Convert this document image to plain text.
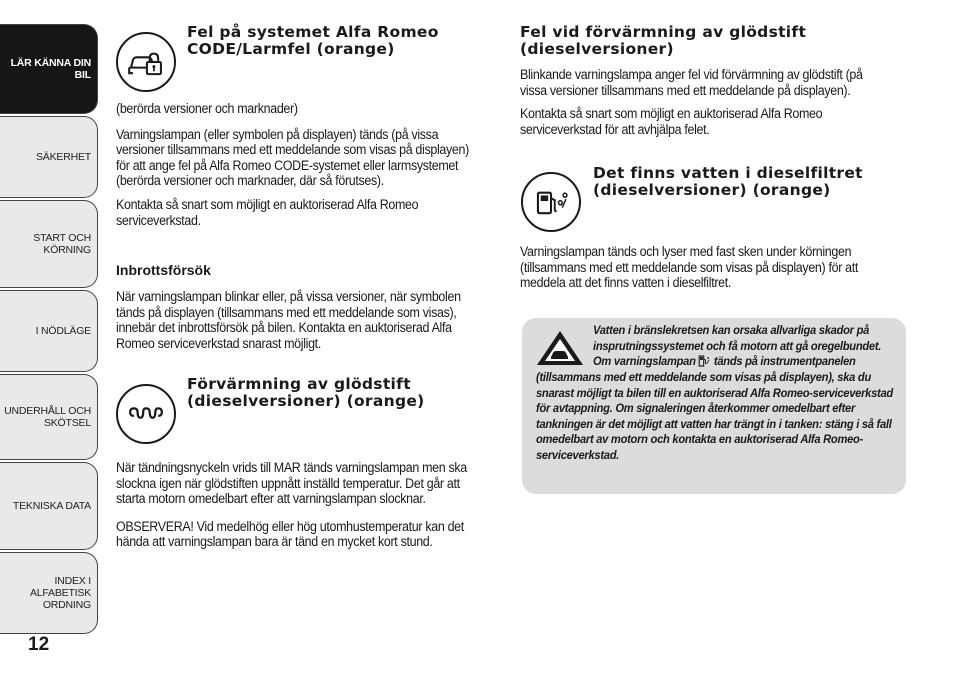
LÄR KÄNNA DIN
BIL
SÄKERHET
START OCH
KÖRNING
I NÖDLÄGE
UNDERHÅLL OCH
SKÖTSEL
TEKNISKA DATA
INDEX I ALFABETISK
ORDNING
12
Fel på systemet Alfa Romeo
CODE/Larmfel (orange)

(berörda versioner och marknader)

Varningslampan (eller symbolen på displayen) tänds (på vissa versioner tillsammans med ett meddelande som visas på displayen) för att ange fel på Alfa Romeo CODE-systemet eller larmsystemet (berörda versioner och marknader, där så förutses).

Kontakta så snart som möjligt en auktoriserad Alfa Romeo serviceverkstad.

Inbrottsförsök

När varningslampan blinkar eller, på vissa versioner, när symbolen tänds på displayen (tillsammans med ett meddelande som visas), innebär det inbrottsförsök på bilen. Kontakta en auktoriserad Alfa Romeo serviceverkstad snarast möjligt.

Förvärmning av glödstift
(dieselversioner) (orange)

När tändningsnyckeln vrids till MAR tänds varningslampan men ska slockna igen när glödstiften uppnått inställd temperatur. Det går att starta motorn omedelbart efter att varningslampan slocknar.

OBSERVERA! Vid medelhög eller hög utomhustemperatur kan det hända att varningslampan bara är tänd en mycket kort stund.

Fel vid förvärmning av glödstift
(dieselversioner)

Blinkande varningslampa anger fel vid förvärmning av glödstift (på vissa versioner tillsammans med ett meddelande på displayen).

Kontakta så snart som möjligt en auktoriserad Alfa Romeo serviceverkstad för att avhjälpa felet.

Det finns vatten i dieselfiltret
(dieselversioner) (orange)

Varningslampan tänds och lyser med fast sken under körningen (tillsammans med ett meddelande som visas på displayen) för att meddela att det finns vatten i dieselfiltret.

Vatten i bränslekretsen kan orsaka allvarliga skador på
insprutningssystemet och få motorn att gå oregelbundet.
Om varningslampan tänds på instrumentpanelen
(tillsammans med ett meddelande som visas på displayen), ska du snarast möjligt ta bilen till en auktoriserad Alfa Romeo-serviceverkstad för avtappning. Om signaleringen återkommer omedelbart efter tankningen är det möjligt att vatten har trängt in i tanken: stäng i så fall omedelbart av motorn och kontakta en auktoriserad Alfa Romeo-serviceverkstad.
